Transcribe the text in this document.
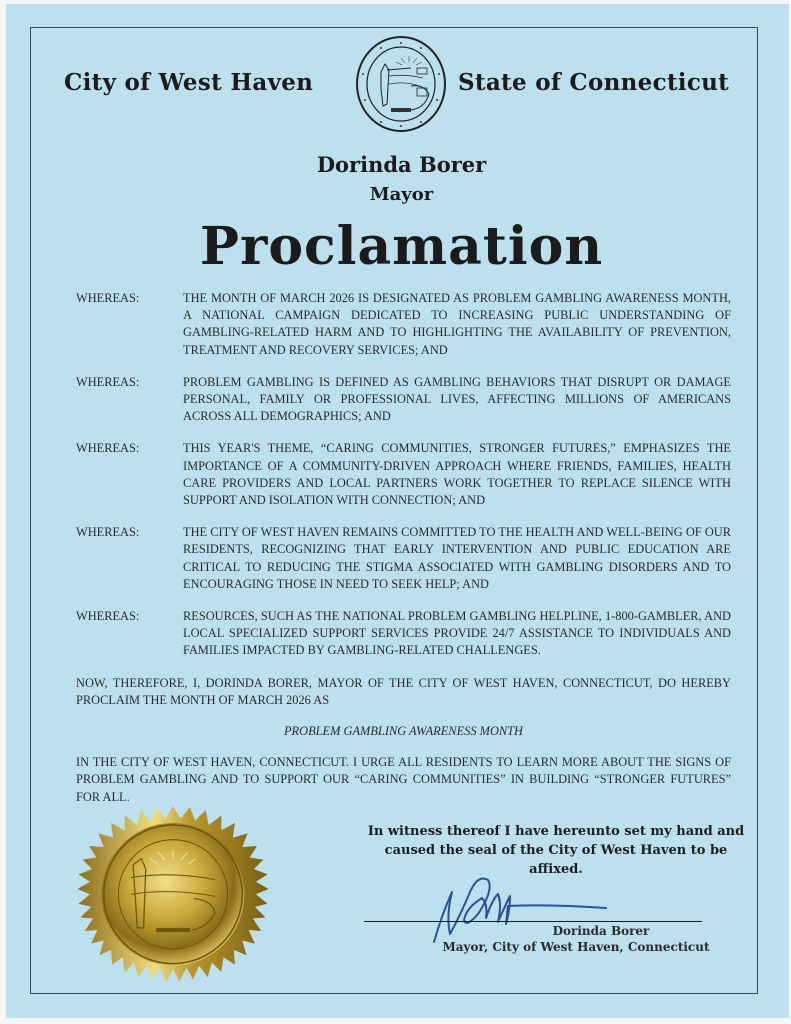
City of West Haven	State of Connecticut
Dorinda Borer
Mayor
Proclamation
WHEREAS:	THE MONTH OF MARCH 2026 IS DESIGNATED AS PROBLEM GAMBLING AWARENESS MONTH, A NATIONAL CAMPAIGN DEDICATED TO INCREASING PUBLIC UNDERSTANDING OF GAMBLING-RELATED HARM AND TO HIGHLIGHTING THE AVAILABILITY OF PREVENTION, TREATMENT AND RECOVERY SERVICES; AND
WHEREAS:	PROBLEM GAMBLING IS DEFINED AS GAMBLING BEHAVIORS THAT DISRUPT OR DAMAGE PERSONAL, FAMILY OR PROFESSIONAL LIVES, AFFECTING MILLIONS OF AMERICANS ACROSS ALL DEMOGRAPHICS; AND
WHEREAS:	THIS YEAR'S THEME, “CARING COMMUNITIES, STRONGER FUTURES,” EMPHASIZES THE IMPORTANCE OF A COMMUNITY-DRIVEN APPROACH WHERE FRIENDS, FAMILIES, HEALTH CARE PROVIDERS AND LOCAL PARTNERS WORK TOGETHER TO REPLACE SILENCE WITH SUPPORT AND ISOLATION WITH CONNECTION; AND
WHEREAS:	THE CITY OF WEST HAVEN REMAINS COMMITTED TO THE HEALTH AND WELL-BEING OF OUR RESIDENTS, RECOGNIZING THAT EARLY INTERVENTION AND PUBLIC EDUCATION ARE CRITICAL TO REDUCING THE STIGMA ASSOCIATED WITH GAMBLING DISORDERS AND TO ENCOURAGING THOSE IN NEED TO SEEK HELP; AND
WHEREAS:	RESOURCES, SUCH AS THE NATIONAL PROBLEM GAMBLING HELPLINE, 1-800-GAMBLER, AND LOCAL SPECIALIZED SUPPORT SERVICES PROVIDE 24/7 ASSISTANCE TO INDIVIDUALS AND FAMILIES IMPACTED BY GAMBLING-RELATED CHALLENGES.
NOW, THEREFORE, I, DORINDA BORER, MAYOR OF THE CITY OF WEST HAVEN, CONNECTICUT, DO HEREBY PROCLAIM THE MONTH OF MARCH 2026 AS
PROBLEM GAMBLING AWARENESS MONTH
IN THE CITY OF WEST HAVEN, CONNECTICUT. I URGE ALL RESIDENTS TO LEARN MORE ABOUT THE SIGNS OF PROBLEM GAMBLING AND TO SUPPORT OUR “CARING COMMUNITIES” IN BUILDING “STRONGER FUTURES” FOR ALL.
In witness thereof I have hereunto set my hand and
caused the seal of the City of West Haven to be affixed.
Dorinda Borer
Mayor, City of West Haven, Connecticut
